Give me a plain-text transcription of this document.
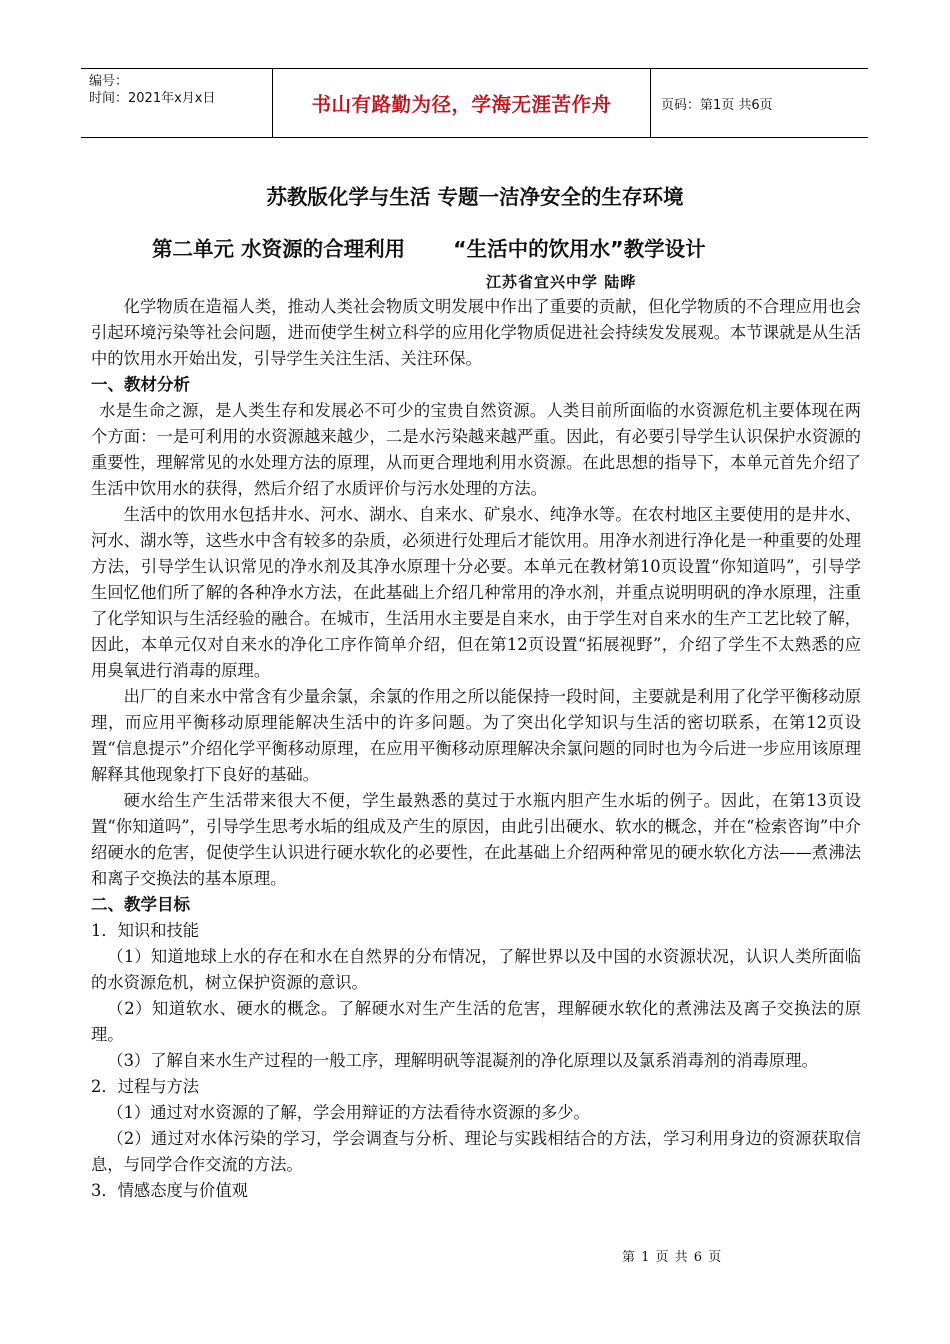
编号：
时间：2021年x月x日	书山有路勤为径，学海无涯苦作舟	页码：第1页 共6页
苏教版化学与生活 专题一洁净安全的生存环境
第二单元 水资源的合理利用 “生活中的饮用水”教学设计
江苏省宜兴中学 陆晔

化学物质在造福人类，推动人类社会物质文明发展中作出了重要的贡献，但化学物质的不合理应用也会引起环境污染等社会问题，进而使学生树立科学的应用化学物质促进社会持续发发展观。本节课就是从生活中的饮用水开始出发，引导学生关注生活、关注环保。

一、教材分析

水是生命之源，是人类生存和发展必不可少的宝贵自然资源。人类目前所面临的水资源危机主要体现在两个方面：一是可利用的水资源越来越少，二是水污染越来越严重。因此，有必要引导学生认识保护水资源的重要性，理解常见的水处理方法的原理，从而更合理地利用水资源。在此思想的指导下，本单元首先介绍了生活中饮用水的获得，然后介绍了水质评价与污水处理的方法。

生活中的饮用水包括井水、河水、湖水、自来水、矿泉水、纯净水等。在农村地区主要使用的是井水、河水、湖水等，这些水中含有较多的杂质，必须进行处理后才能饮用。用净水剂进行净化是一种重要的处理方法，引导学生认识常见的净水剂及其净水原理十分必要。本单元在教材第10页设置“你知道吗”，引导学生回忆他们所了解的各种净水方法，在此基础上介绍几种常用的净水剂，并重点说明明矾的净水原理，注重了化学知识与生活经验的融合。在城市，生活用水主要是自来水，由于学生对自来水的生产工艺比较了解，因此，本单元仅对自来水的净化工序作简单介绍，但在第12页设置“拓展视野”，介绍了学生不太熟悉的应用臭氧进行消毒的原理。

出厂的自来水中常含有少量余氯，余氯的作用之所以能保持一段时间，主要就是利用了化学平衡移动原理，而应用平衡移动原理能解决生活中的许多问题。为了突出化学知识与生活的密切联系，在第12页设置“信息提示”介绍化学平衡移动原理，在应用平衡移动原理解决余氯问题的同时也为今后进一步应用该原理解释其他现象打下良好的基础。

硬水给生产生活带来很大不便，学生最熟悉的莫过于水瓶内胆产生水垢的例子。因此，在第13页设置“你知道吗”，引导学生思考水垢的组成及产生的原因，由此引出硬水、软水的概念，并在“检索咨询”中介绍硬水的危害，促使学生认识进行硬水软化的必要性，在此基础上介绍两种常见的硬水软化方法——煮沸法和离子交换法的基本原理。

二、教学目标

1．知识和技能

（1）知道地球上水的存在和水在自然界的分布情况，了解世界以及中国的水资源状况，认识人类所面临的水资源危机，树立保护资源的意识。

（2）知道软水、硬水的概念。了解硬水对生产生活的危害，理解硬水软化的煮沸法及离子交换法的原理。

（3）了解自来水生产过程的一般工序，理解明矾等混凝剂的净化原理以及氯系消毒剂的消毒原理。

2．过程与方法

（1）通过对水资源的了解，学会用辩证的方法看待水资源的多少。

（2）通过对水体污染的学习，学会调查与分析、理论与实践相结合的方法，学习利用身边的资源获取信息，与同学合作交流的方法。

3．情感态度与价值观

第 1 页 共 6 页
